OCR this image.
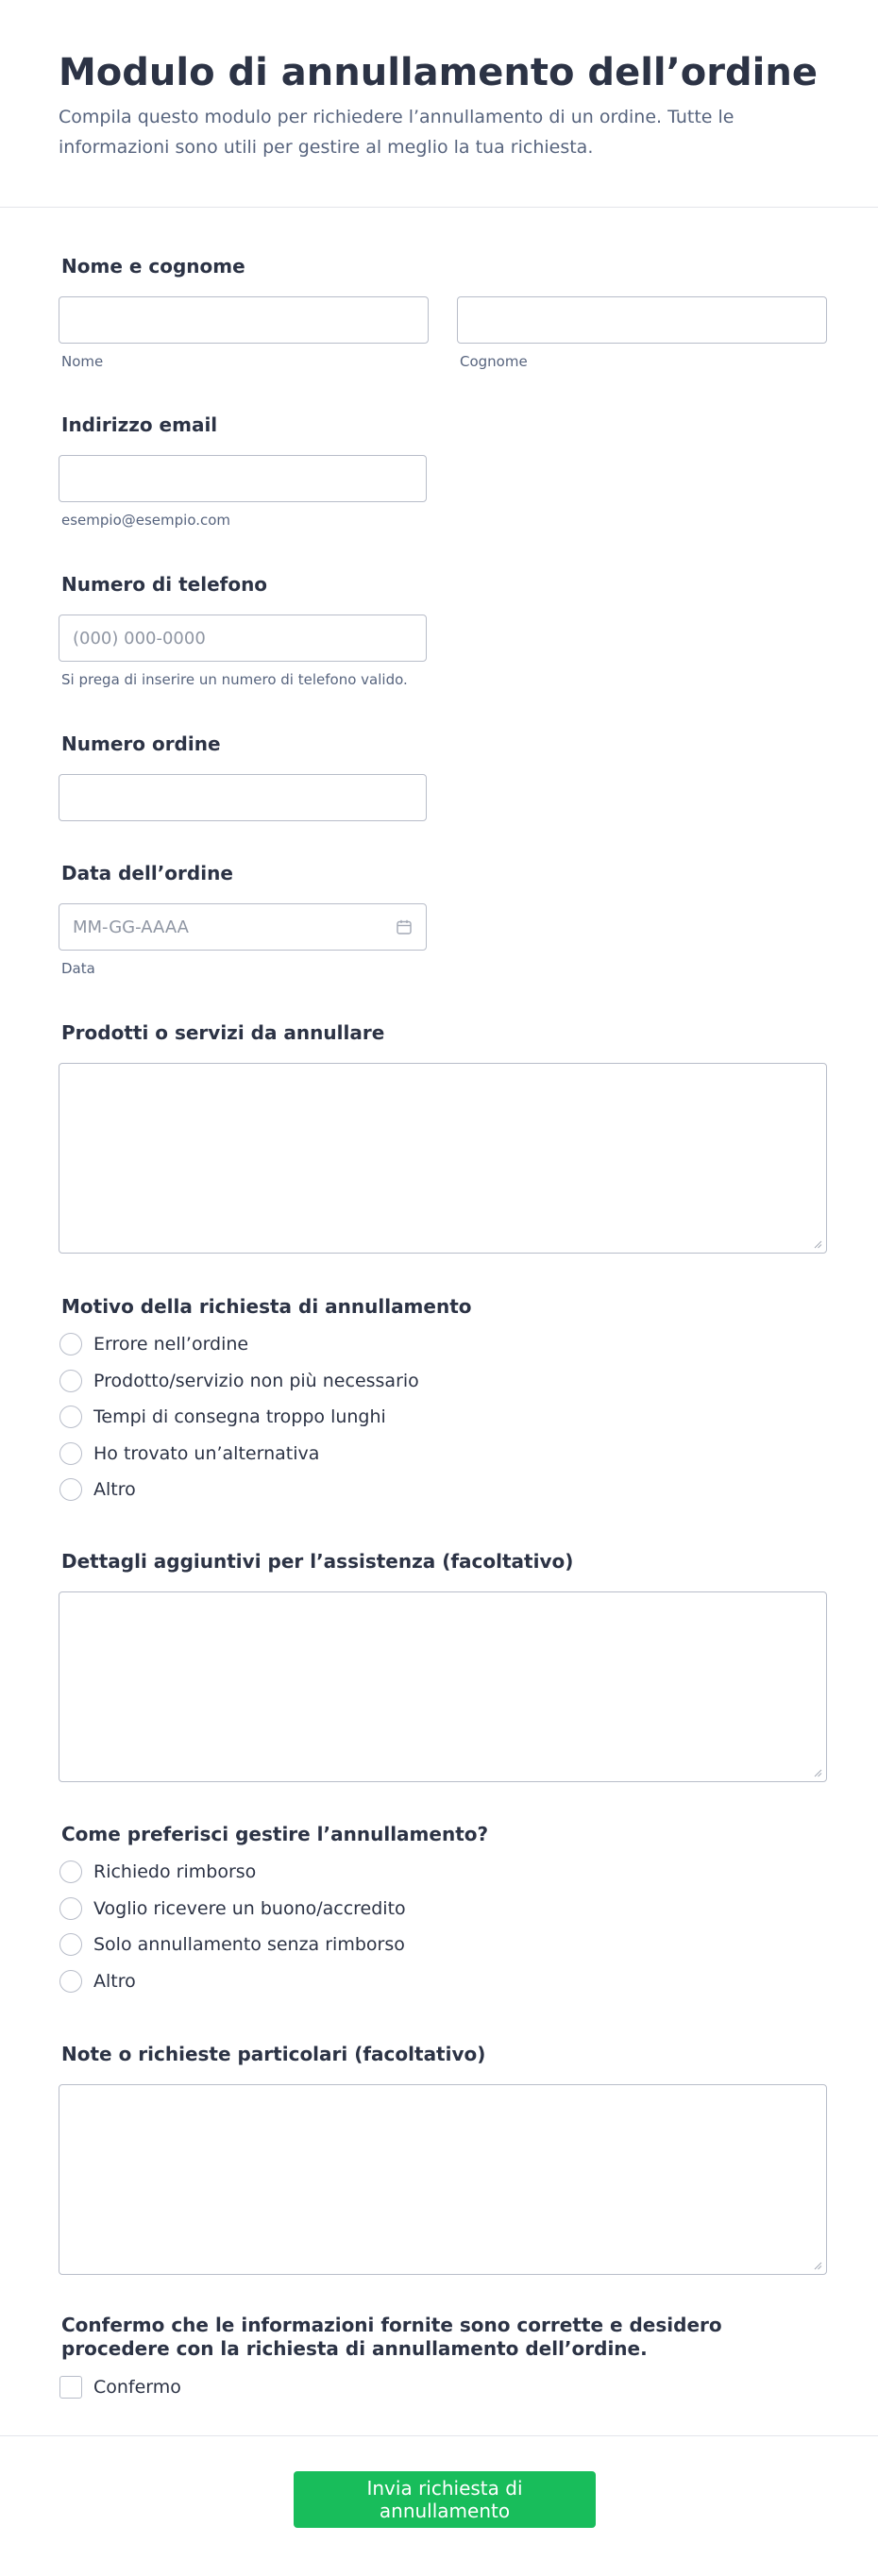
Modulo di annullamento dell’ordine

Compila questo modulo per richiedere l’annullamento di un ordine. Tutte le informazioni sono utili per gestire al meglio la tua richiesta.

Nome e cognome
Nome	Cognome
Indirizzo email
esempio@esempio.com
Numero di telefono
(000) 000-0000
Si prega di inserire un numero di telefono valido.
Numero ordine
Data dell’ordine
MM-GG-AAAA
Data
Prodotti o servizi da annullare
Motivo della richiesta di annullamento
Errore nell’ordine
Prodotto/servizio non più necessario
Tempi di consegna troppo lunghi
Ho trovato un’alternativa
Altro
Dettagli aggiuntivi per l’assistenza (facoltativo)
Come preferisci gestire l’annullamento?
Richiedo rimborso
Voglio ricevere un buono/accredito
Solo annullamento senza rimborso
Altro
Note o richieste particolari (facoltativo)
Confermo che le informazioni fornite sono corrette e desidero procedere con la richiesta di annullamento dell’ordine.
Confermo
Invia richiesta di annullamento
